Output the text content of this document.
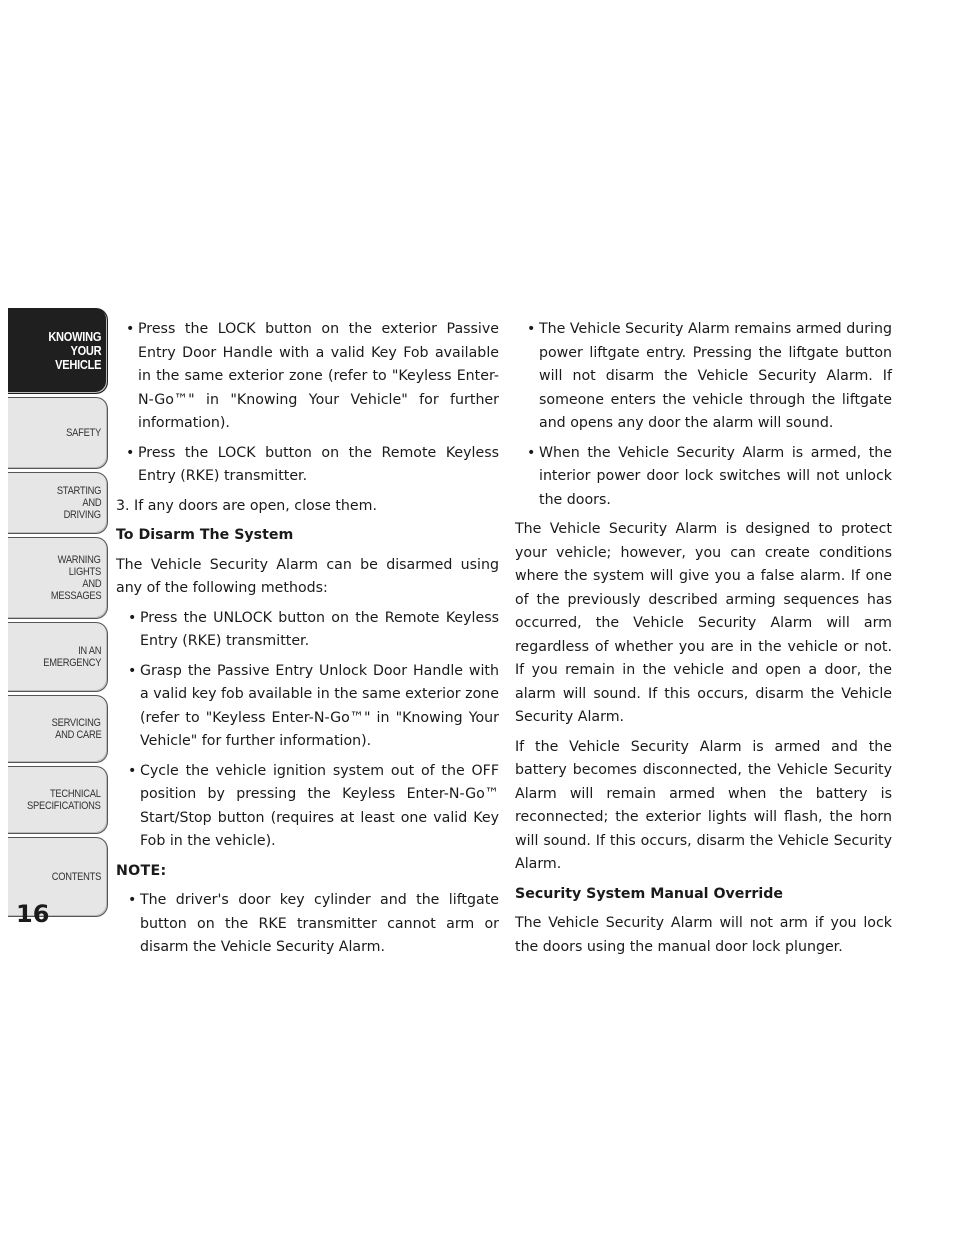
KNOWING
YOUR
VEHICLE
SAFETY
STARTING
AND
DRIVING
WARNING
LIGHTS
AND
MESSAGES
IN AN
EMERGENCY
SERVICING
AND CARE
TECHNICAL
SPECIFICATIONS
CONTENTS
16

• Press the LOCK button on the exterior Passive Entry Door Handle with a valid Key Fob available in the same exterior zone (refer to "Keyless Enter-N-Go™" in "Knowing Your Vehicle" for further information).

• Press the LOCK button on the Remote Keyless Entry (RKE) transmitter.

3. If any doors are open, close them.

To Disarm The System

The Vehicle Security Alarm can be disarmed using any of the following methods:

• Press the UNLOCK button on the Remote Keyless Entry (RKE) transmitter.

• Grasp the Passive Entry Unlock Door Handle with a valid key fob available in the same exterior zone (refer to "Keyless Enter-N-Go™" in "Knowing Your Vehicle" for further information).

• Cycle the vehicle ignition system out of the OFF position by pressing the Keyless Enter-N-Go™ Start/Stop button (requires at least one valid Key Fob in the vehicle).

NOTE:

• The driver's door key cylinder and the liftgate button on the RKE transmitter cannot arm or disarm the Vehicle Security Alarm.

• The Vehicle Security Alarm remains armed during power liftgate entry. Pressing the liftgate button will not disarm the Vehicle Security Alarm. If someone enters the vehicle through the liftgate and opens any door the alarm will sound.

• When the Vehicle Security Alarm is armed, the interior power door lock switches will not unlock the doors.

The Vehicle Security Alarm is designed to protect your vehicle; however, you can create conditions where the system will give you a false alarm. If one of the previously described arming sequences has occurred, the Vehicle Security Alarm will arm regardless of whether you are in the vehicle or not. If you remain in the vehicle and open a door, the alarm will sound. If this occurs, disarm the Vehicle Security Alarm.

If the Vehicle Security Alarm is armed and the battery becomes disconnected, the Vehicle Security Alarm will remain armed when the battery is reconnected; the exterior lights will flash, the horn will sound. If this occurs, disarm the Vehicle Security Alarm.

Security System Manual Override

The Vehicle Security Alarm will not arm if you lock the doors using the manual door lock plunger.
